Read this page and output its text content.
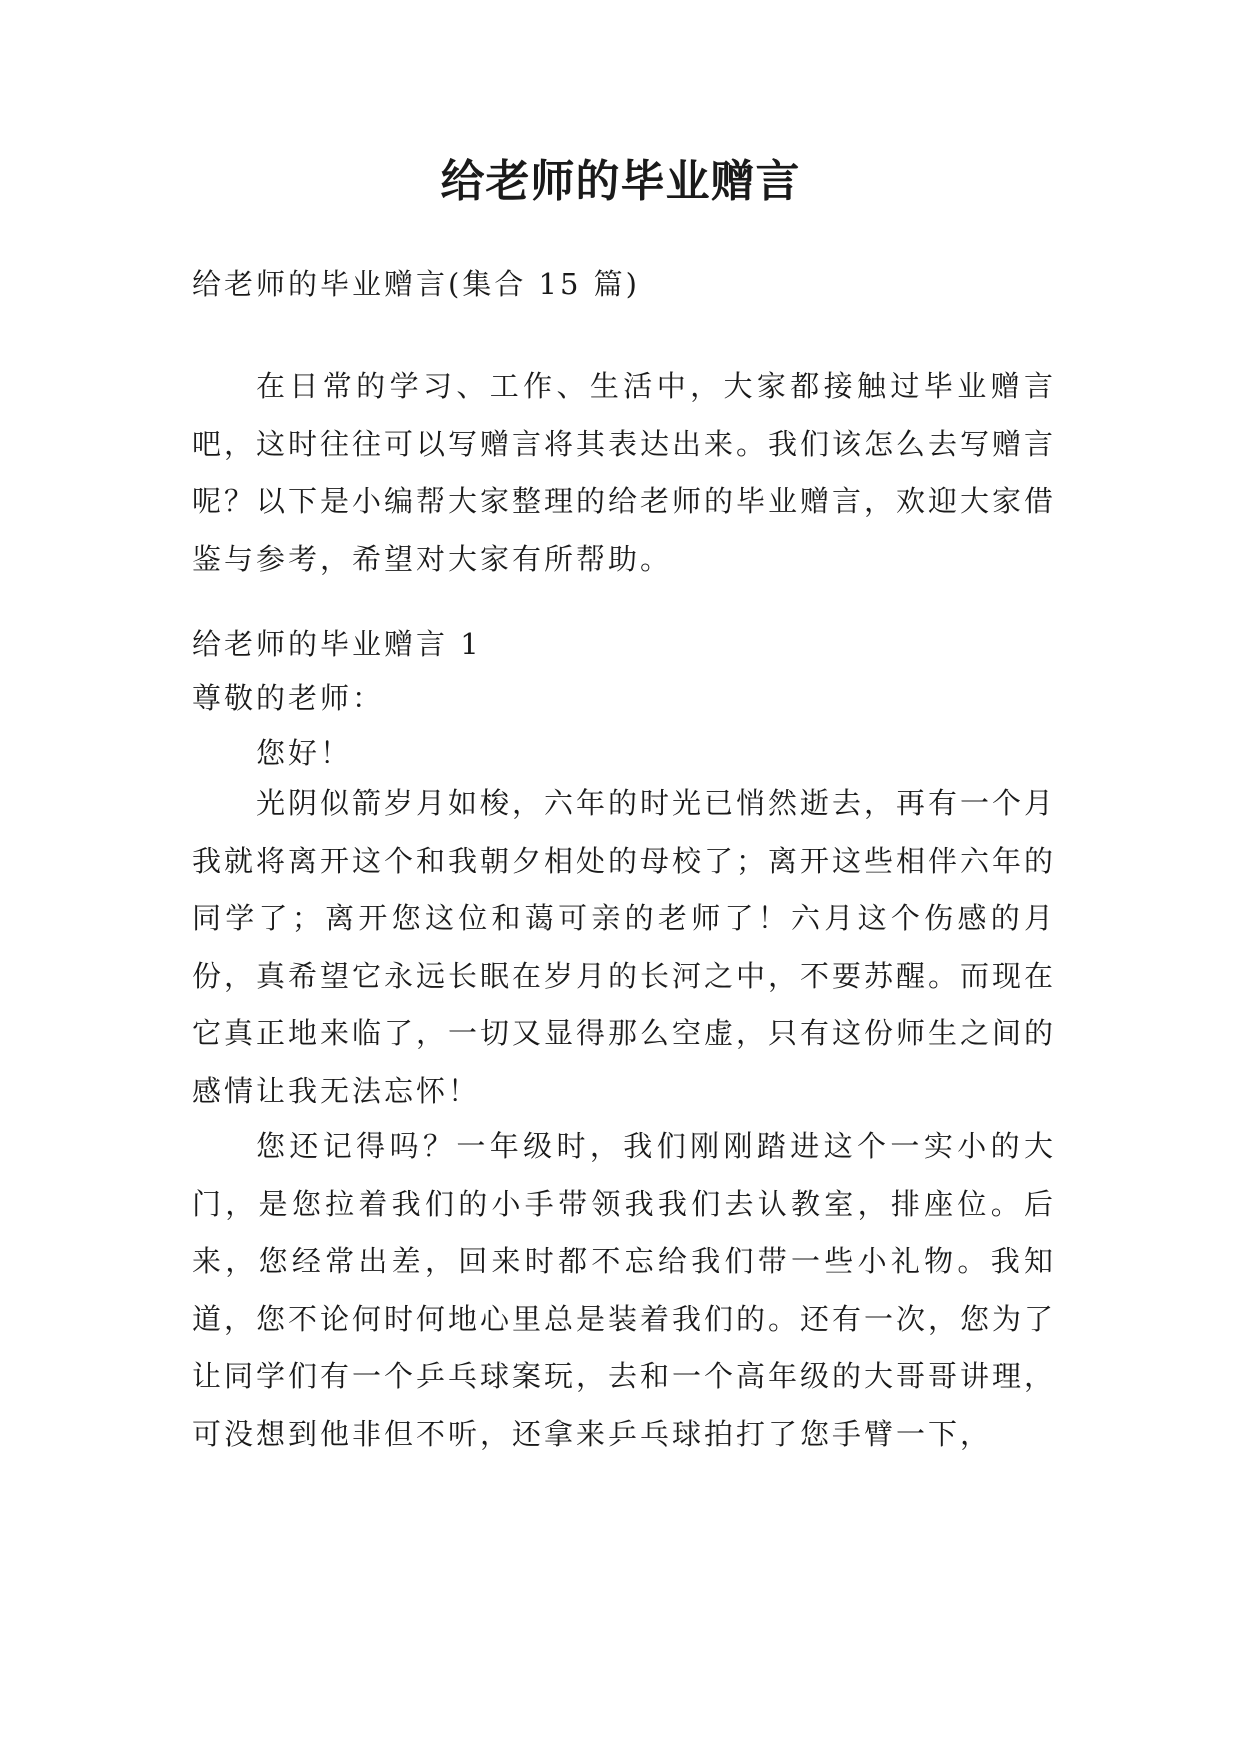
给老师的毕业赠言

给老师的毕业赠言(集合 15 篇)

在日常的学习、工作、生活中，大家都接触过毕业赠言吧，这时往往可以写赠言将其表达出来。我们该怎么去写赠言呢？以下是小编帮大家整理的给老师的毕业赠言，欢迎大家借鉴与参考，希望对大家有所帮助。

给老师的毕业赠言 1

尊敬的老师：

您好！

光阴似箭岁月如梭，六年的时光已悄然逝去，再有一个月我就将离开这个和我朝夕相处的母校了；离开这些相伴六年的同学了；离开您这位和蔼可亲的老师了！六月这个伤感的月份，真希望它永远长眠在岁月的长河之中，不要苏醒。而现在它真正地来临了，一切又显得那么空虚，只有这份师生之间的感情让我无法忘怀！

您还记得吗？一年级时，我们刚刚踏进这个一实小的大门，是您拉着我们的小手带领我我们去认教室，排座位。后来，您经常出差，回来时都不忘给我们带一些小礼物。我知道，您不论何时何地心里总是装着我们的。还有一次，您为了让同学们有一个乒乓球案玩，去和一个高年级的大哥哥讲理，可没想到他非但不听，还拿来乒乓球拍打了您手臂一下，
